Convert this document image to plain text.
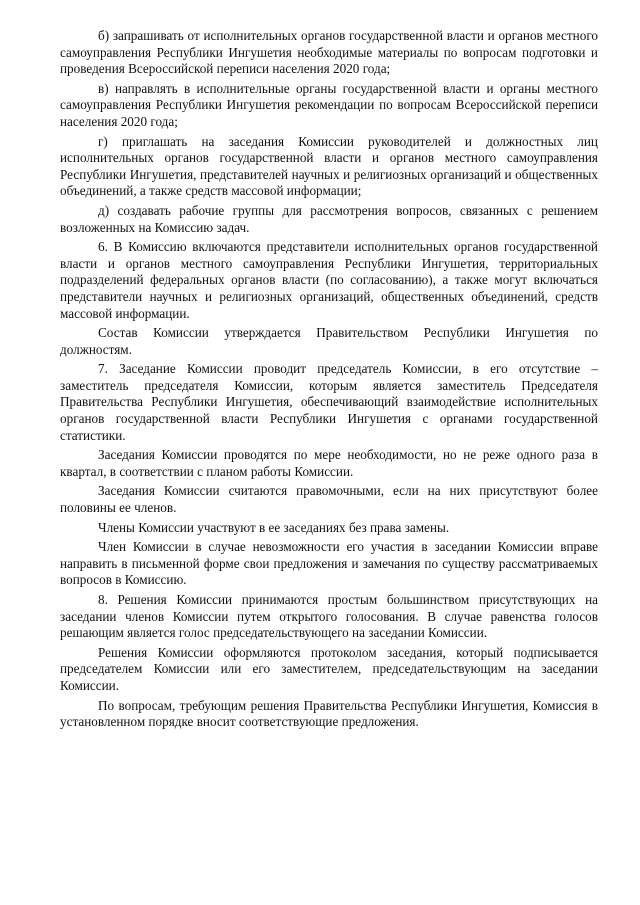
б) запрашивать от исполнительных органов государственной власти и органов местного самоуправления Республики Ингушетия необходимые материалы по вопросам подготовки и проведения Всероссийской переписи населения 2020 года;

в) направлять в исполнительные органы государственной власти и органы местного самоуправления Республики Ингушетия рекомендации по вопросам Всероссийской переписи населения 2020 года;

г) приглашать на заседания Комиссии руководителей и должностных лиц исполнительных органов государственной власти и органов местного самоуправления Республики Ингушетия, представителей научных и религиозных организаций и общественных объединений, а также средств массовой информации;

д) создавать рабочие группы для рассмотрения вопросов, связанных с решением возложенных на Комиссию задач.

6. В Комиссию включаются представители исполнительных органов государственной власти и органов местного самоуправления Республики Ингушетия, территориальных подразделений федеральных органов власти (по согласованию), а также могут включаться представители научных и религиозных организаций, общественных объединений, средств массовой информации.

Состав Комиссии утверждается Правительством Республики Ингушетия по должностям.

7. Заседание Комиссии проводит председатель Комиссии, в его отсутствие – заместитель председателя Комиссии, которым является заместитель Председателя Правительства Республики Ингушетия, обеспечивающий взаимодействие исполнительных органов государственной власти Республики Ингушетия с органами государственной статистики.

Заседания Комиссии проводятся по мере необходимости, но не реже одного раза в квартал, в соответствии с планом работы Комиссии.

Заседания Комиссии считаются правомочными, если на них присутствуют более половины ее членов.

Члены Комиссии участвуют в ее заседаниях без права замены.

Член Комиссии в случае невозможности его участия в заседании Комиссии вправе направить в письменной форме свои предложения и замечания по существу рассматриваемых вопросов в Комиссию.

8. Решения Комиссии принимаются простым большинством присутствующих на заседании членов Комиссии путем открытого голосования. В случае равенства голосов решающим является голос председательствующего на заседании Комиссии.

Решения Комиссии оформляются протоколом заседания, который подписывается председателем Комиссии или его заместителем, председательствующим на заседании Комиссии.

По вопросам, требующим решения Правительства Республики Ингушетия, Комиссия в установленном порядке вносит соответствующие предложения.
